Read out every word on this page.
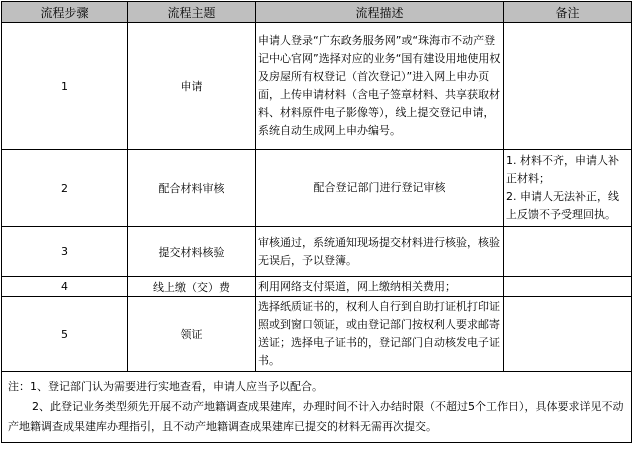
流程步骤	流程主题	流程描述	备注
1	申请	申请人登录“广东政务服务网”或“珠海市不动产登记中心官网”选择对应的业务“国有建设用地使用权及房屋所有权登记（首次登记）”进入网上申办页面，上传申请材料（含电子签章材料、共享获取材料、材料原件电子影像等），线上提交登记申请，系统自动生成网上申办编号。	
2	配合材料审核	配合登记部门进行登记审核	1. 材料不齐，申请人补正材料；
2. 申请人无法补正，线上反馈不予受理回执。

3	提交材料核验	审核通过，系统通知现场提交材料进行核验，核验无误后，予以登簿。	
4	线上缴（交）费	利用网络支付渠道，网上缴纳相关费用；	
5	领证	选择纸质证书的，权利人自行到自助打证机打印证照或到窗口领证，或由登记部门按权利人要求邮寄送证；选择电子证书的，登记部门自动核发电子证书。	

注：1、登记部门认为需要进行实地查看，申请人应当予以配合。
2、此登记业务类型须先开展不动产地籍调查成果建库，办理时间不计入办结时限（不超过5个工作日），具体要求详见不动产地籍调查成果建库办理指引，且不动产地籍调查成果建库已提交的材料无需再次提交。			
